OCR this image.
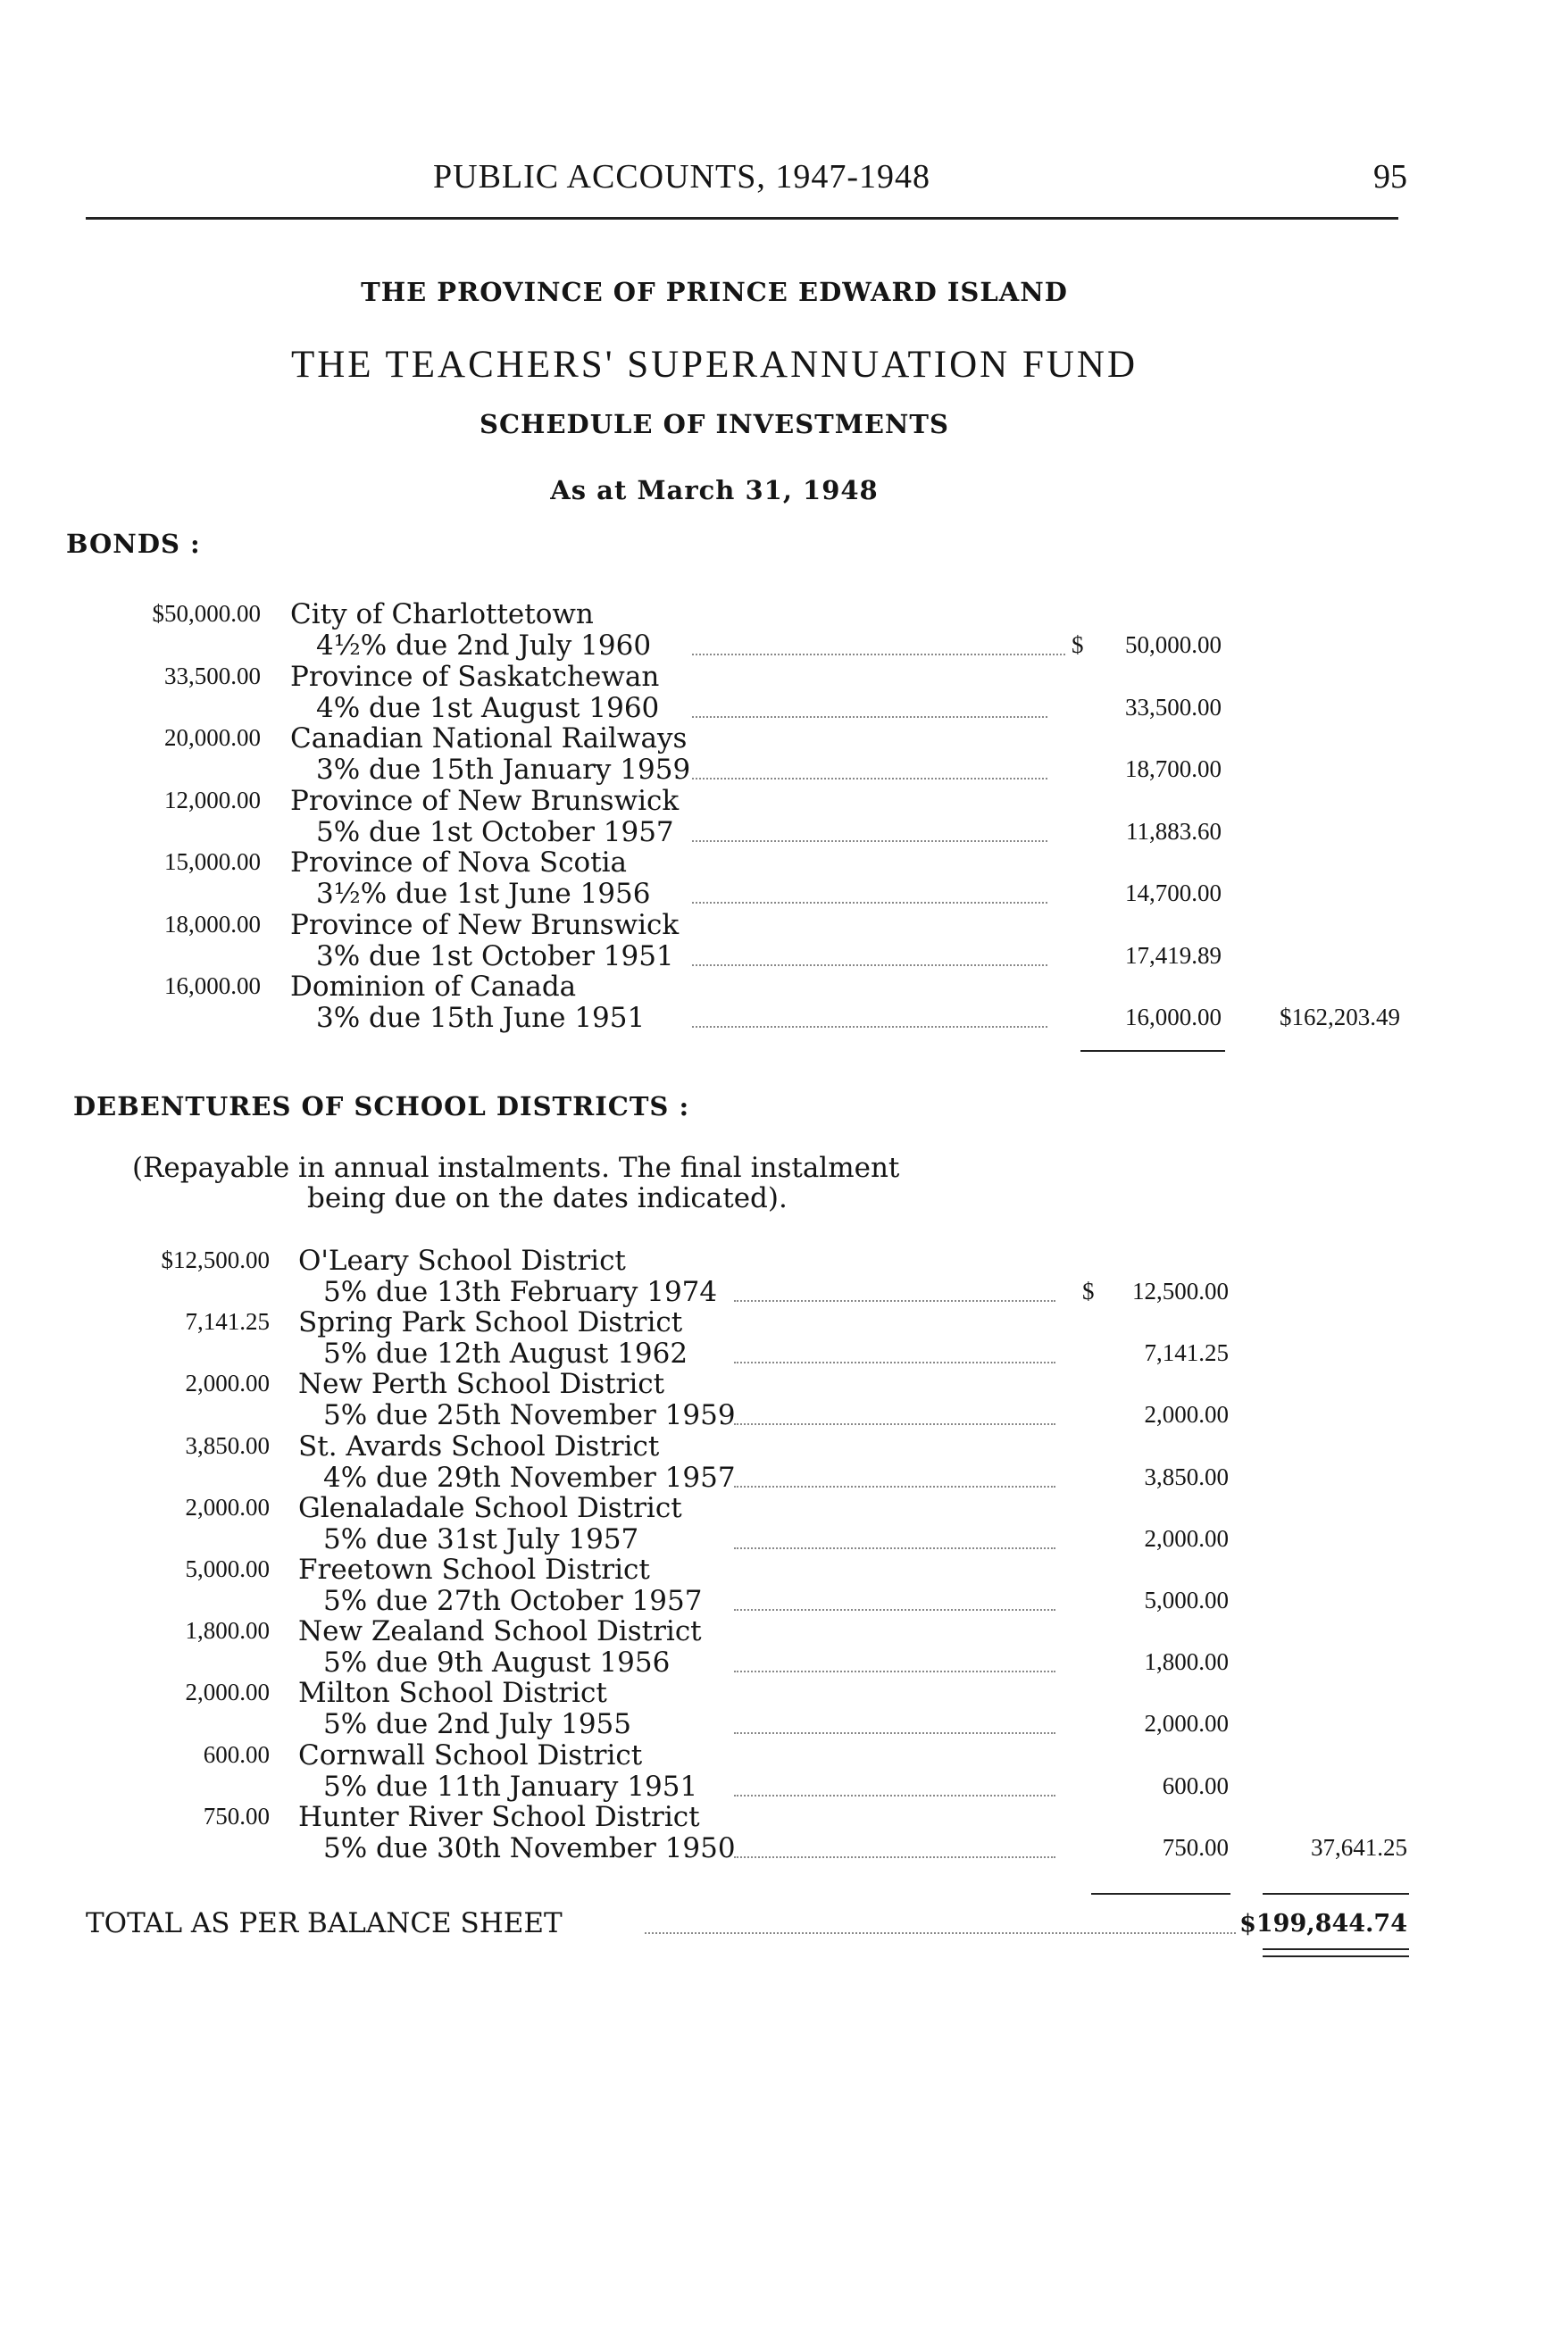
PUBLIC ACCOUNTS, 1947-1948	95
THE PROVINCE OF PRINCE EDWARD ISLAND
THE TEACHERS' SUPERANNUATION FUND
SCHEDULE OF INVESTMENTS
As at March 31, 1948
BONDS :
$50,000.00 City of Charlottetown
4½% due 2nd July 1960	$	50,000.00
33,500.00 Province of Saskatchewan
4% due 1st August 1960	33,500.00
20,000.00 Canadian National Railways
3% due 15th January 1959	18,700.00
12,000.00 Province of New Brunswick
5% due 1st October 1957	11,883.60
15,000.00 Province of Nova Scotia
3½% due 1st June 1956	14,700.00
18,000.00 Province of New Brunswick
3% due 1st October 1951	17,419.89
16,000.00 Dominion of Canada
3% due 15th June 1951	16,000.00	$162,203.49
DEBENTURES OF SCHOOL DISTRICTS :
(Repayable in annual instalments. The final instalment
being due on the dates indicated).
$12,500.00 O'Leary School District
5% due 13th February 1974	$	12,500.00
7,141.25 Spring Park School District
5% due 12th August 1962	7,141.25
2,000.00 New Perth School District
5% due 25th November 1959	2,000.00
3,850.00 St. Avards School District
4% due 29th November 1957	3,850.00
2,000.00 Glenaladale School District
5% due 31st July 1957	2,000.00
5,000.00 Freetown School District
5% due 27th October 1957	5,000.00
1,800.00 New Zealand School District
5% due 9th August 1956	1,800.00
2,000.00 Milton School District
5% due 2nd July 1955	2,000.00
600.00 Cornwall School District
5% due 11th January 1951	600.00
750.00 Hunter River School District
5% due 30th November 1950	750.00	37,641.25
TOTAL AS PER BALANCE SHEET	$199,844.74
